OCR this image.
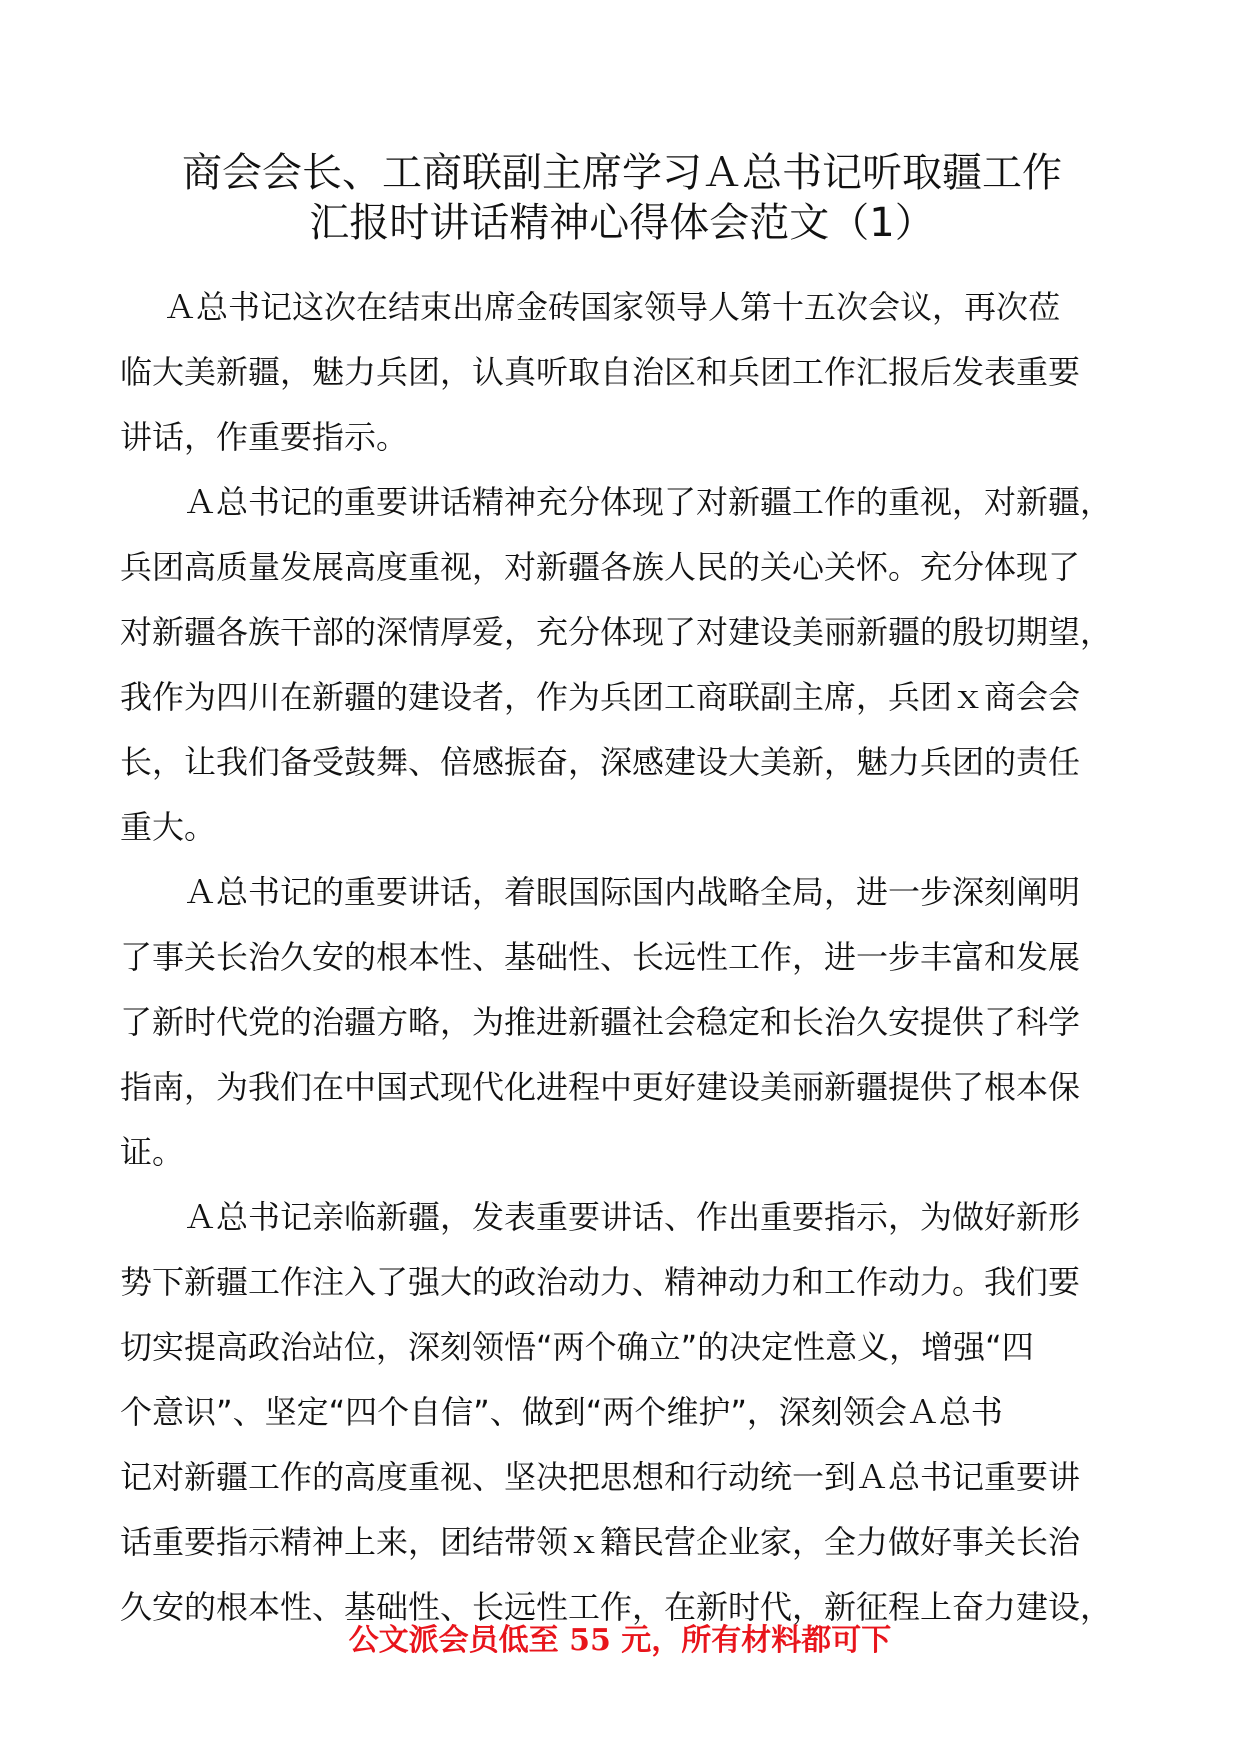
商会会长、工商联副主席学习Ａ总书记听取疆工作
汇报时讲话精神心得体会范文（1）
Ａ总书记这次在结束出席金砖国家领导人第十五次会议，再次莅
临大美新疆，魅力兵团，认真听取自治区和兵团工作汇报后发表重要
讲话，作重要指示。
Ａ总书记的重要讲话精神充分体现了对新疆工作的重视，对新疆，
兵团高质量发展高度重视，对新疆各族人民的关心关怀。充分体现了
对新疆各族干部的深情厚爱，充分体现了对建设美丽新疆的殷切期望，
我作为四川在新疆的建设者，作为兵团工商联副主席，兵团ｘ商会会
长，让我们备受鼓舞、倍感振奋，深感建设大美新，魅力兵团的责任
重大。
Ａ总书记的重要讲话，着眼国际国内战略全局，进一步深刻阐明
了事关长治久安的根本性、基础性、长远性工作，进一步丰富和发展
了新时代党的治疆方略，为推进新疆社会稳定和长治久安提供了科学
指南，为我们在中国式现代化进程中更好建设美丽新疆提供了根本保
证。
Ａ总书记亲临新疆，发表重要讲话、作出重要指示，为做好新形
势下新疆工作注入了强大的政治动力、精神动力和工作动力。我们要
切实提高政治站位，深刻领悟“两个确立”的决定性意义，增强“四
个意识”、坚定“四个自信”、做到“两个维护”，深刻领会Ａ总书
记对新疆工作的高度重视、坚决把思想和行动统一到Ａ总书记重要讲
话重要指示精神上来，团结带领ｘ籍民营企业家，全力做好事关长治
久安的根本性、基础性、长远性工作，在新时代，新征程上奋力建设，
公文派会员低至 55 元，所有材料都可下
